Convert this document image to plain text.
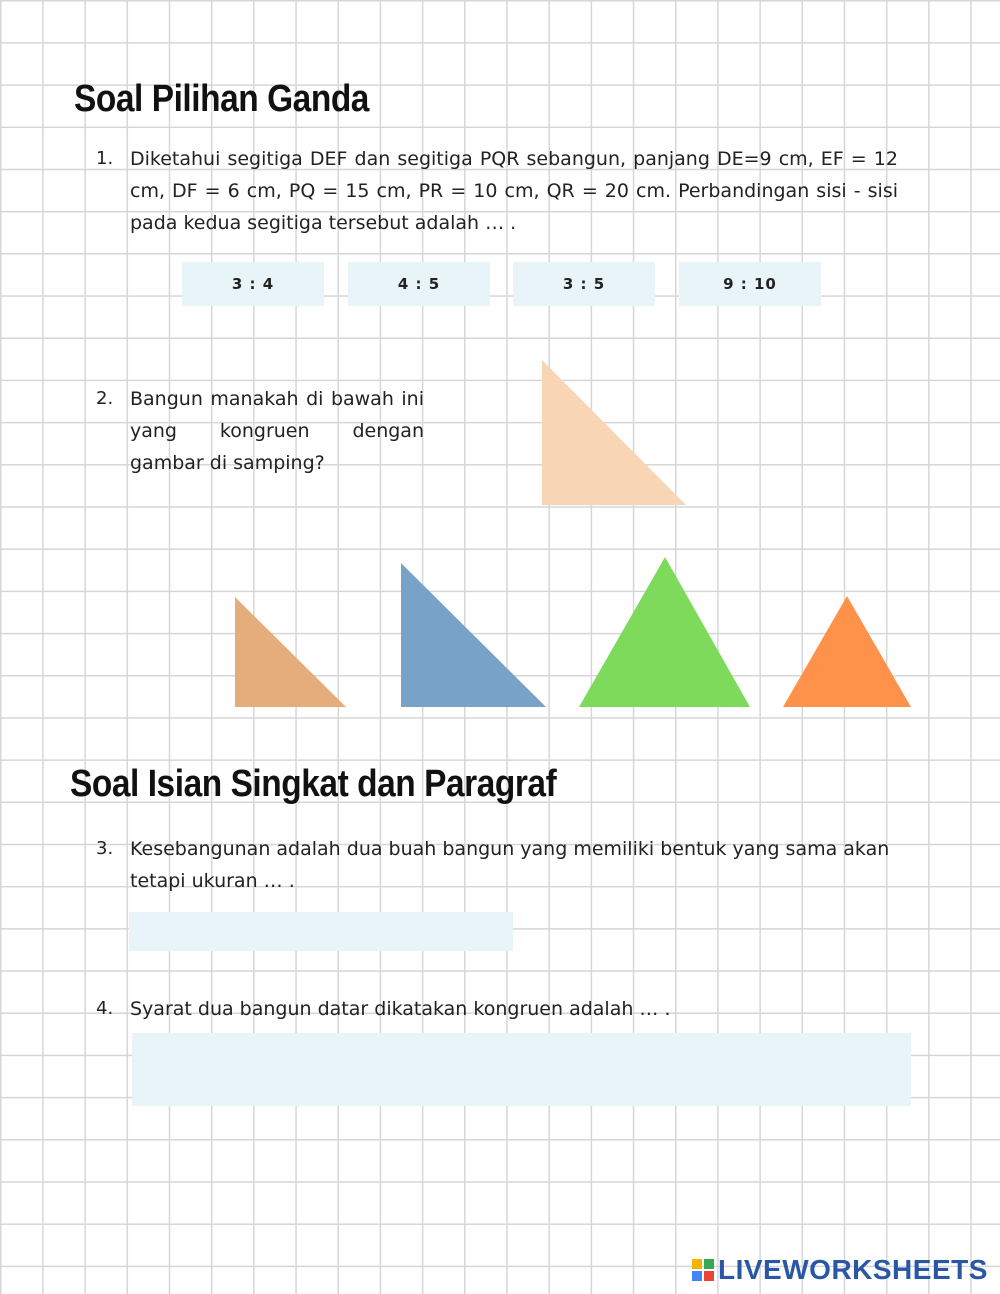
Soal Pilihan Ganda
1. Diketahui segitiga DEF dan segitiga PQR sebangun, panjang DE=9 cm, EF = 12 cm, DF = 6 cm, PQ = 15 cm, PR = 10 cm, QR = 20 cm. Perbandingan sisi - sisi pada kedua segitiga tersebut adalah … .

3 : 4	4 : 5	3 : 5	9 : 10
2. Bangun manakah di bawah ini yang kongruen dengan gambar di samping?

Soal Isian Singkat dan Paragraf
3. Kesebangunan adalah dua buah bangun yang memiliki bentuk yang sama akan tetapi ukuran … .

4. Syarat dua bangun datar dikatakan kongruen adalah … .

LIVEWORKSHEETS
